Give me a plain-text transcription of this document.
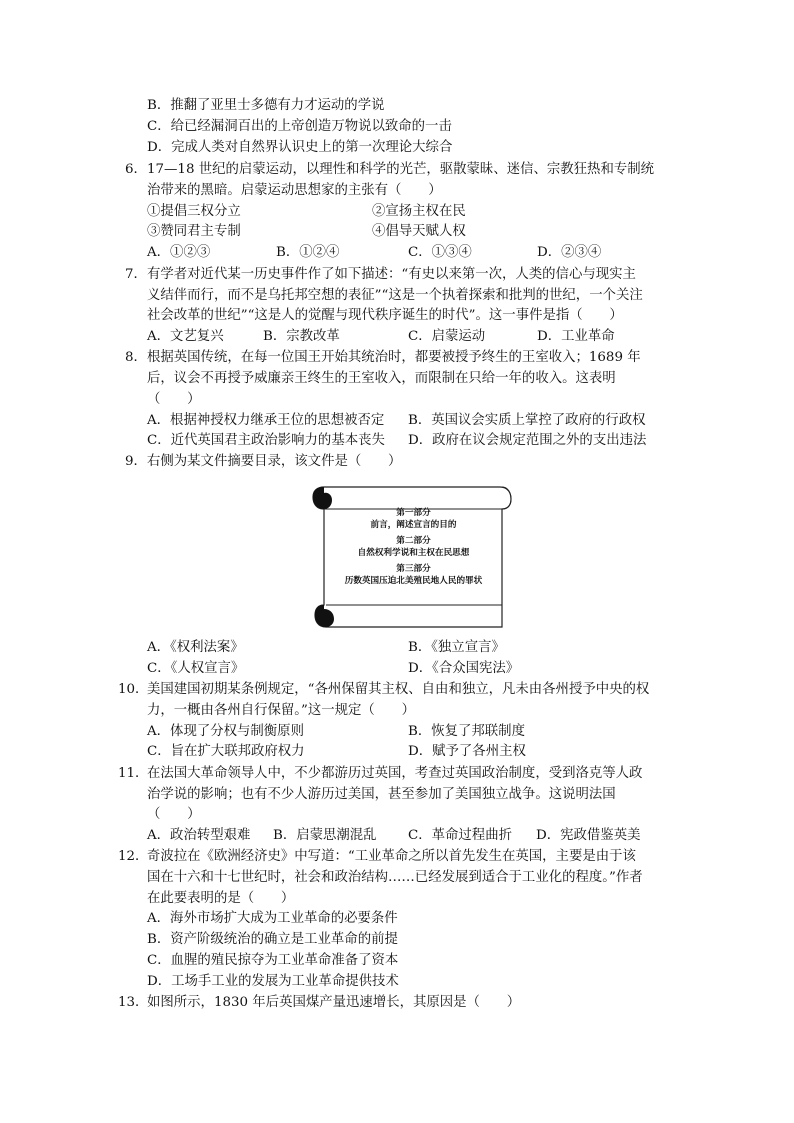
B．推翻了亚里士多德有力才运动的学说
C．给已经漏洞百出的上帝创造万物说以致命的一击
D．完成人类对自然界认识史上的第一次理论大综合
6． 17—18 世纪的启蒙运动，以理性和科学的光芒，驱散蒙昧、迷信、宗教狂热和专制统
治带来的黑暗。启蒙运动思想家的主张有（　　）
①提倡三权分立	②宣扬主权在民
③赞同君主专制	④倡导天赋人权
A．①②③	B．①②④	C．①③④	D．②③④
7． 有学者对近代某一历史事件作了如下描述：“有史以来第一次，人类的信心与现实主
义结伴而行，而不是乌托邦空想的表征”“这是一个执着探索和批判的世纪，一个关注
社会改革的世纪”“这是人的觉醒与现代秩序诞生的时代”。这一事件是指（　　）
A．文艺复兴	B．宗教改革	C．启蒙运动	D．工业革命
8． 根据英国传统，在每一位国王开始其统治时，都要被授予终生的王室收入；1689 年
后，议会不再授予威廉亲王终生的王室收入，而限制在只给一年的收入。这表明
（　　）
A．根据神授权力继承王位的思想被否定 B．英国议会实质上掌控了政府的行政权
C．近代英国君主政治影响力的基本丧失 D．政府在议会规定范围之外的支出违法
9． 右侧为某文件摘要目录，该文件是（　　）
第一部分
前言，阐述宣言的目的
第二部分
自然权利学说和主权在民思想
第三部分
历数英国压迫北美殖民地人民的罪状
A．《权利法案》	B．《独立宣言》
C．《人权宣言》	D．《合众国宪法》
10．
美国建国初期某条例规定，“各州保留其主权、自由和独立，凡未由各州授予中央的权
力，一概由各州自行保留。”这一规定（　　）
A．体现了分权与制衡原则	B．恢复了邦联制度
C．旨在扩大联邦政府权力	D．赋予了各州主权
11．
在法国大革命领导人中，不少都游历过英国，考查过英国政治制度，受到洛克等人政
治学说的影响；也有不少人游历过美国，甚至参加了美国独立战争。这说明法国
（　　）
A．政治转型艰难 B．启蒙思潮混乱 C．革命过程曲折 D．宪政借鉴英美
12．
奇波拉在《欧洲经济史》中写道：“工业革命之所以首先发生在英国，主要是由于该
国在十六和十七世纪时，社会和政治结构……已经发展到适合于工业化的程度。”作者
在此要表明的是（　　）
A．海外市场扩大成为工业革命的必要条件
B．资产阶级统治的确立是工业革命的前提
C．血腥的殖民掠夺为工业革命准备了资本
D．工场手工业的发展为工业革命提供技术
13．
如图所示，1830 年后英国煤产量迅速增长，其原因是（　　）
